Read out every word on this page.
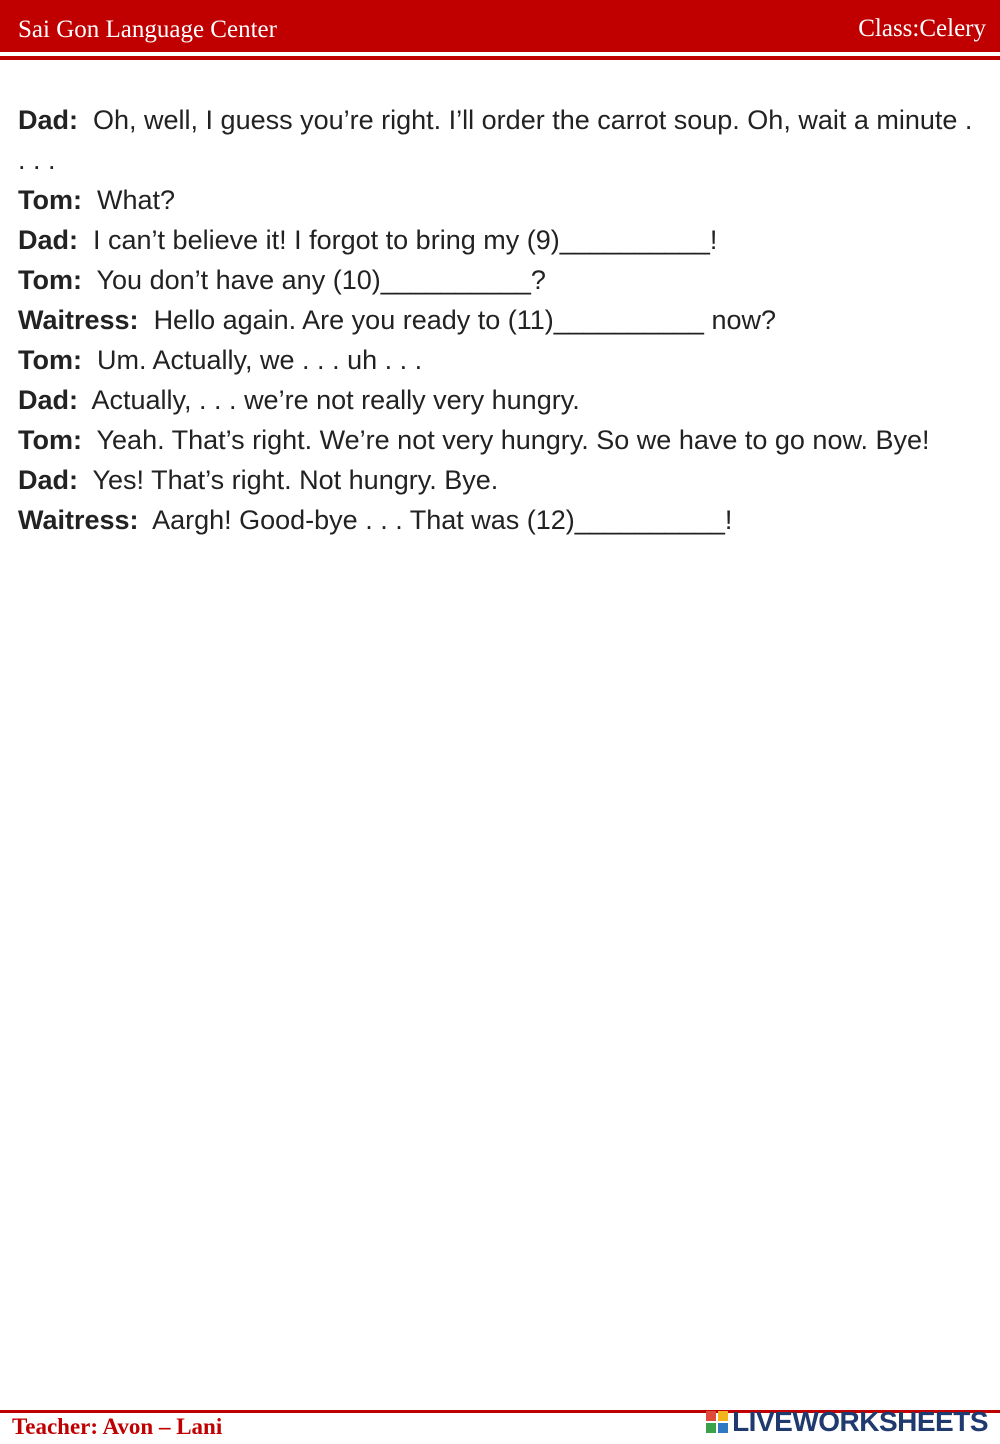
Sai Gon Language Center	Class:Celery

Dad: Oh, well, I guess you’re right. I’ll order the carrot soup. Oh, wait a minute . . . .

Tom: What?

Dad: I can’t believe it! I forgot to bring my (9)__________!

Tom: You don’t have any (10)__________?

Waitress: Hello again. Are you ready to (11)__________ now?

Tom: Um. Actually, we . . . uh . . .

Dad: Actually, . . . we’re not really very hungry.

Tom: Yeah. That’s right. We’re not very hungry. So we have to go now. Bye!

Dad: Yes! That’s right. Not hungry. Bye.

Waitress: Aargh! Good-bye . . . That was (12)__________!

Teacher: Avon – Lani	LIVEWORKSHEETS
